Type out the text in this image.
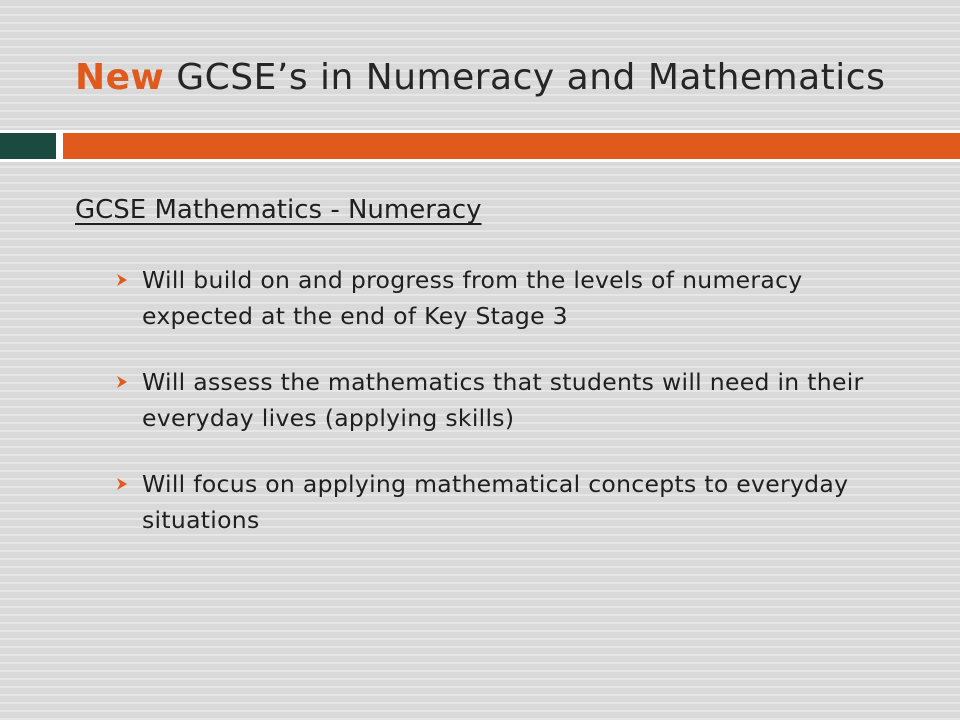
New GCSE’s in Numeracy and Mathematics
GCSE Mathematics - Numeracy
Will build on and progress from the levels of numeracy expected at the end of Key Stage 3
Will assess the mathematics that students will need in their everyday lives (applying skills)
Will focus on applying mathematical concepts to everyday situations
